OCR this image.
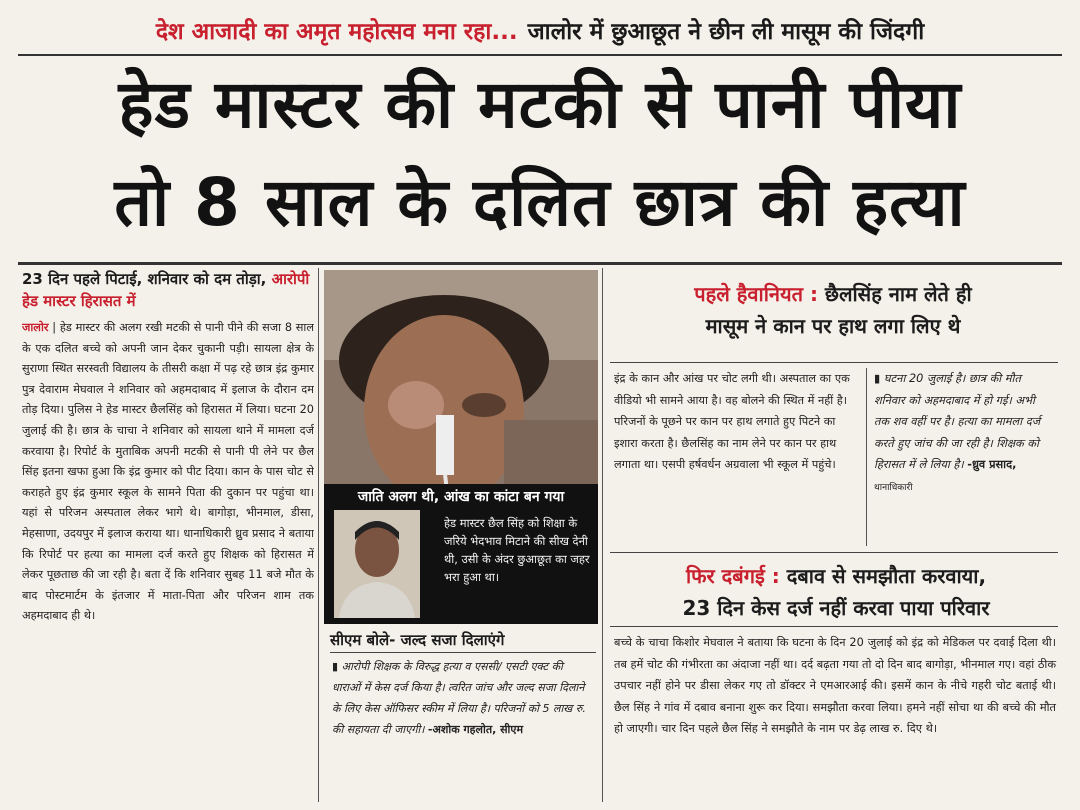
देश आजादी का अमृत महोत्सव मना रहा... जालोर में छुआछूत ने छीन ली मासूम की जिंदगी
हेड मास्टर की मटकी से पानी पीया
तो 8 साल के दलित छात्र की हत्या
23 दिन पहले पिटाई, शनिवार को दम तोड़ा, आरोपी हेड मास्टर हिरासत में
जालोर | हेड मास्टर की अलग रखी मटकी से पानी पीने की सजा 8 साल के एक दलित बच्चे को अपनी जान देकर चुकानी पड़ी। सायला क्षेत्र के सुराणा स्थित सरस्वती विद्यालय के तीसरी कक्षा में पढ़ रहे छात्र इंद्र कुमार पुत्र देवाराम मेघवाल ने शनिवार को अहमदाबाद में इलाज के दौरान दम तोड़ दिया। पुलिस ने हेड मास्टर छैलसिंह को हिरासत में लिया। घटना 20 जुलाई की है। छात्र के चाचा ने शनिवार को सायला थाने में मामला दर्ज करवाया है। रिपोर्ट के मुताबिक अपनी मटकी से पानी पी लेने पर छैल सिंह इतना खफा हुआ कि इंद्र कुमार को पीट दिया। कान के पास चोट से कराहते हुए इंद्र कुमार स्कूल के सामने पिता की दुकान पर पहुंचा था। यहां से परिजन अस्पताल लेकर भागे थे। बागोड़ा, भीनमाल, डीसा, मेहसाणा, उदयपुर में इलाज कराया था। धानाधिकारी ध्रुव प्रसाद ने बताया कि रिपोर्ट पर हत्या का मामला दर्ज करते हुए शिक्षक को हिरासत में लेकर पूछताछ की जा रही है। बता दें कि शनिवार सुबह 11 बजे मौत के बाद पोस्टमार्टम के इंतजार में माता-पिता और परिजन शाम तक अहमदाबाद ही थे।
जाति अलग थी, आंख का कांटा बन गया
हेड मास्टर छैल सिंह को शिक्षा के जरिये भेदभाव मिटाने की सीख देनी थी, उसी के अंदर छुआछूत का जहर भरा हुआ था।
सीएम बोले- जल्द सजा दिलाएंगे
▮ आरोपी शिक्षक के विरुद्ध हत्या व एससी/ एसटी एक्ट की धाराओं में केस दर्ज किया है। त्वरित जांच और जल्द सजा दिलाने के लिए केस ऑफिसर स्कीम में लिया है। परिजनों को 5 लाख रु. की सहायता दी जाएगी। -अशोक गहलोत, सीएम
पहले हैवानियत : छैलसिंह नाम लेते ही
मासूम ने कान पर हाथ लगा लिए थे
इंद्र के कान और आंख पर चोट लगी थी। अस्पताल का एक वीडियो भी सामने आया है। वह बोलने की स्थित में नहीं है। परिजनों के पूछने पर कान पर हाथ लगाते हुए पिटने का इशारा करता है। छैलसिंह का नाम लेने पर कान पर हाथ लगाता था। एसपी हर्षवर्धन अग्रवाला भी स्कूल में पहुंचे।
▮ घटना 20 जुलाई है। छात्र की मौत शनिवार को अहमदाबाद में हो गई। अभी तक शव वहीं पर है। हत्या का मामला दर्ज करते हुए जांच की जा रही है। शिक्षक को हिरासत में ले लिया है। -ध्रुव प्रसाद, थानाधिकारी
फिर दबंगई : दबाव से समझौता करवाया,
23 दिन केस दर्ज नहीं करवा पाया परिवार
बच्चे के चाचा किशोर मेघवाल ने बताया कि घटना के दिन 20 जुलाई को इंद्र को मेडिकल पर दवाई दिला थी। तब हमें चोट की गंभीरता का अंदाजा नहीं था। दर्द बढ़ता गया तो दो दिन बाद बागोड़ा, भीनमाल गए। वहां ठीक उपचार नहीं होने पर डीसा लेकर गए तो डॉक्टर ने एमआरआई की। इसमें कान के नीचे गहरी चोट बताई थी। छैल सिंह ने गांव में दबाव बनाना शुरू कर दिया। समझौता करवा लिया। हमने नहीं सोचा था की बच्चे की मौत हो जाएगी। चार दिन पहले छैल सिंह ने समझौते के नाम पर डेढ़ लाख रु. दिए थे।
